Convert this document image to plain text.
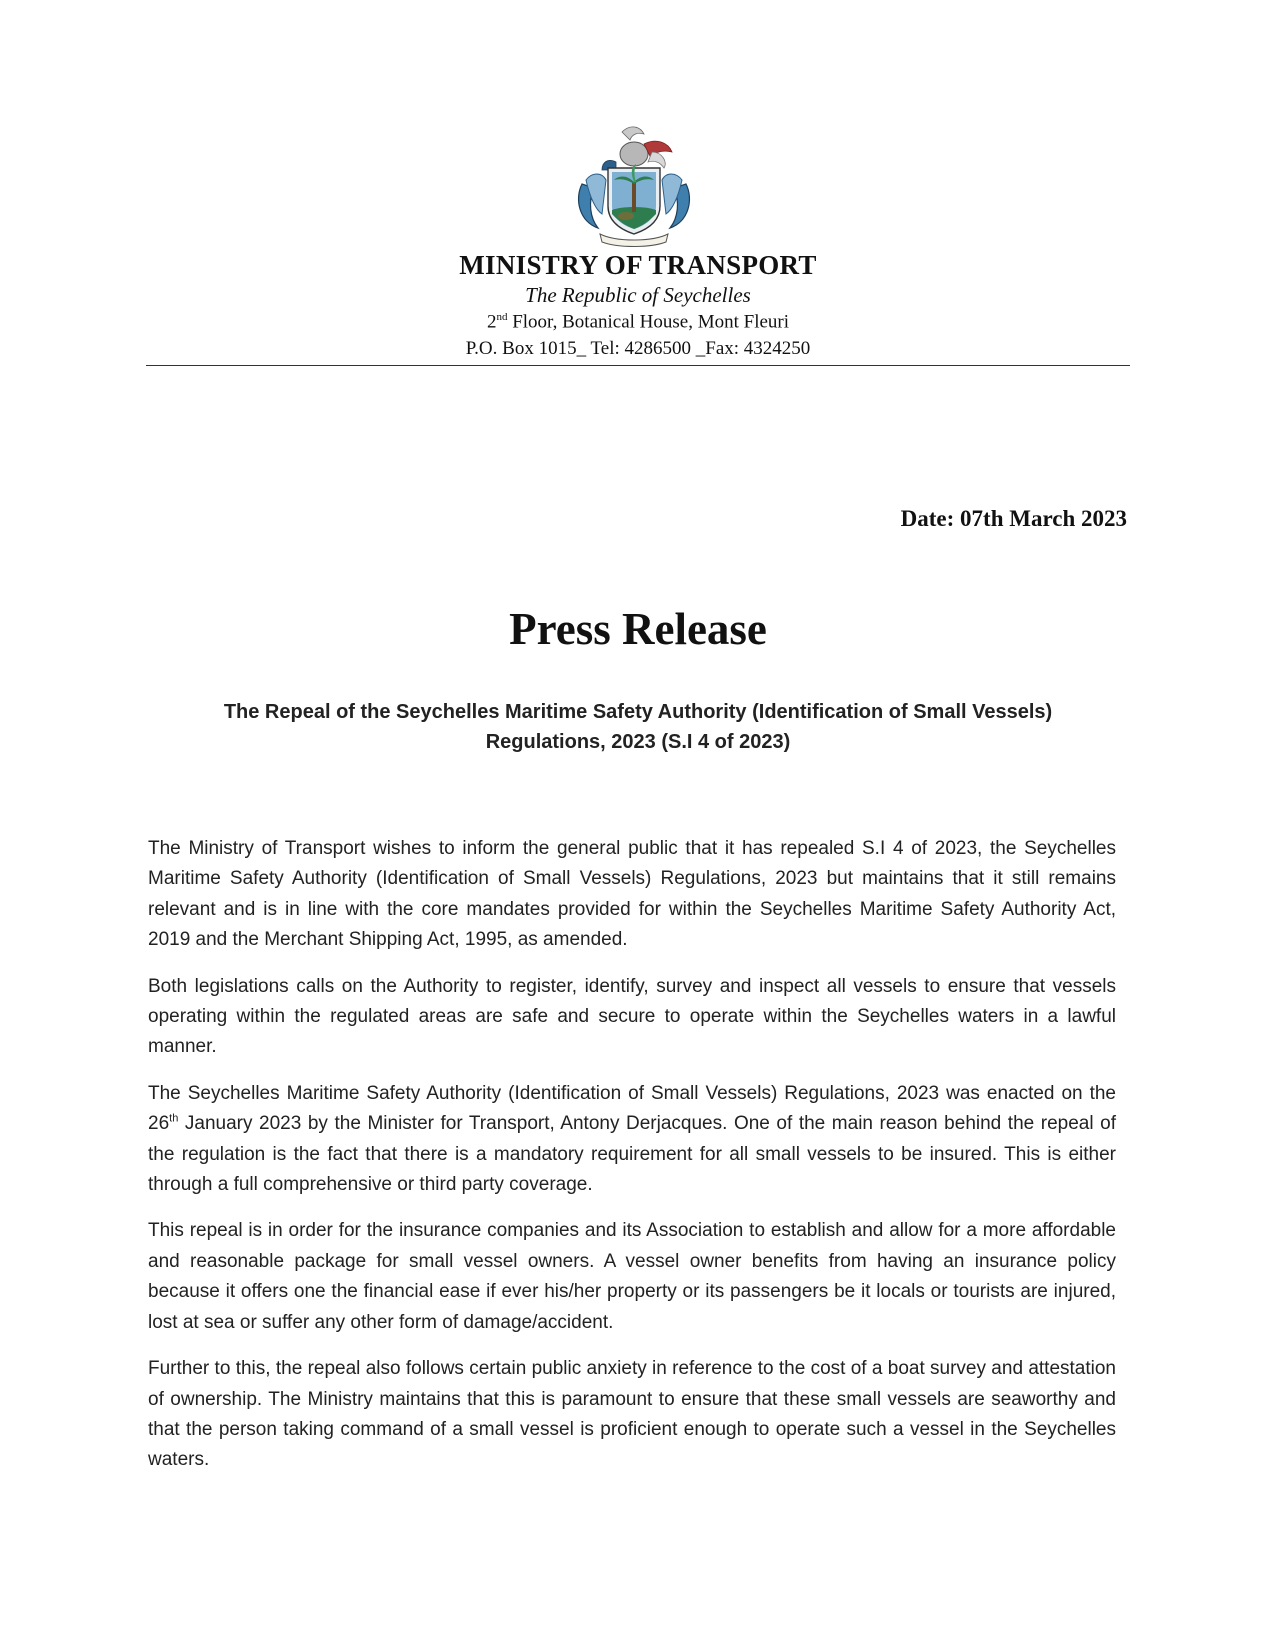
MINISTRY OF TRANSPORT
The Republic of Seychelles
2nd Floor, Botanical House, Mont Fleuri
P.O. Box 1015_ Tel: 4286500 _Fax: 4324250
Date: 07th March 2023
Press Release
The Repeal of the Seychelles Maritime Safety Authority (Identification of Small Vessels)
Regulations, 2023 (S.I 4 of 2023)

The Ministry of Transport wishes to inform the general public that it has repealed S.I 4 of 2023, the Seychelles Maritime Safety Authority (Identification of Small Vessels) Regulations, 2023 but maintains that it still remains relevant and is in line with the core mandates provided for within the Seychelles Maritime Safety Authority Act, 2019 and the Merchant Shipping Act, 1995, as amended.

Both legislations calls on the Authority to register, identify, survey and inspect all vessels to ensure that vessels operating within the regulated areas are safe and secure to operate within the Seychelles waters in a lawful manner.

The Seychelles Maritime Safety Authority (Identification of Small Vessels) Regulations, 2023 was enacted on the 26th January 2023 by the Minister for Transport, Antony Derjacques. One of the main reason behind the repeal of the regulation is the fact that there is a mandatory requirement for all small vessels to be insured. This is either through a full comprehensive or third party coverage.

This repeal is in order for the insurance companies and its Association to establish and allow for a more affordable and reasonable package for small vessel owners. A vessel owner benefits from having an insurance policy because it offers one the financial ease if ever his/her property or its passengers be it locals or tourists are injured, lost at sea or suffer any other form of damage/accident.

Further to this, the repeal also follows certain public anxiety in reference to the cost of a boat survey and attestation of ownership. The Ministry maintains that this is paramount to ensure that these small vessels are seaworthy and that the person taking command of a small vessel is proficient enough to operate such a vessel in the Seychelles waters.
